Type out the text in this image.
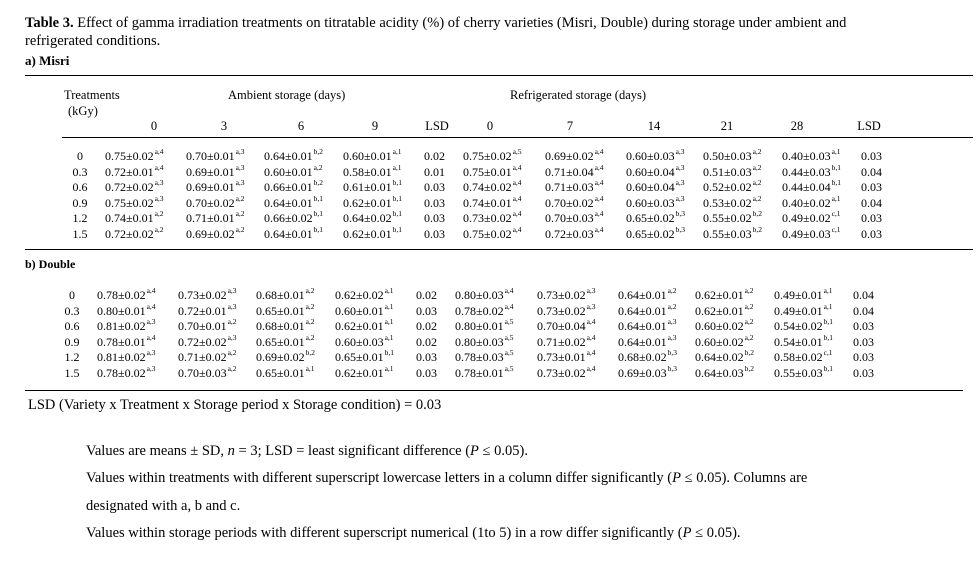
Table 3. Effect of gamma irradiation treatments on titratable acidity (%) of cherry varieties (Misri, Double) during storage under ambient and refrigerated conditions.
a) Misri
Treatments
(kGy)
Ambient storage (days)	Refrigerated storage (days)
0	3	6	9	LSD	0	7	14	21	28	LSD
0 $0.75\pm 0.02^{a,4}$ $0.70\pm 0.01^{a,3}$ $0.64\pm 0.01^{b,2}$ $0.60\pm 0.01^{a,1}$ 0.02 $0.75\pm 0.02^{a,5}$ $0.69\pm 0.02^{a,4}$ $0.60\pm 0.03^{a,3}$ $0.50\pm 0.03^{a,2}$ $0.40\pm 0.03^{a,1}$ 0.03
0.3 $0.72\pm 0.01^{a,4}$ $0.69\pm 0.01^{a,3}$ $0.60\pm 0.01^{a,2}$ $0.58\pm 0.01^{a,1}$ 0.01 $0.75\pm 0.01^{a,4}$ $0.71\pm 0.04^{a,4}$ $0.60\pm 0.04^{a,3}$ $0.51\pm 0.03^{a,2}$ $0.44\pm 0.03^{b,1}$ 0.04
0.6 $0.72\pm 0.02^{a,3}$ $0.69\pm 0.01^{a,3}$ $0.66\pm 0.01^{b,2}$ $0.61\pm 0.01^{b,1}$ 0.03 $0.74\pm 0.02^{a,4}$ $0.71\pm 0.03^{a,4}$ $0.60\pm 0.04^{a,3}$ $0.52\pm 0.02^{a,2}$ $0.44\pm 0.04^{b,1}$ 0.03
0.9 $0.75\pm 0.02^{a,3}$ $0.70\pm 0.02^{a,2}$ $0.64\pm 0.01^{b,1}$ $0.62\pm 0.01^{b,1}$ 0.03 $0.74\pm 0.01^{a,4}$ $0.70\pm 0.02^{a,4}$ $0.60\pm 0.03^{a,3}$ $0.53\pm 0.02^{a,2}$ $0.40\pm 0.02^{a,1}$ 0.04
1.2 $0.74\pm 0.01^{a,2}$ $0.71\pm 0.01^{a,2}$ $0.66\pm 0.02^{b,1}$ $0.64\pm 0.02^{b,1}$ 0.03 $0.73\pm 0.02^{a,4}$ $0.70\pm 0.03^{a,4}$ $0.65\pm 0.02^{b,3}$ $0.55\pm 0.02^{b,2}$ $0.49\pm 0.02^{c,1}$ 0.03
1.5 $0.72\pm 0.02^{a,2}$ $0.69\pm 0.02^{a,2}$ $0.64\pm 0.01^{b,1}$ $0.62\pm 0.01^{b,1}$ 0.03 $0.75\pm 0.02^{a,4}$ $0.72\pm 0.03^{a,4}$ $0.65\pm 0.02^{b,3}$ $0.55\pm 0.03^{b,2}$ $0.49\pm 0.03^{c,1}$ 0.03
b) Double
0 $0.78\pm 0.02^{a,4}$ $0.73\pm 0.02^{a,3}$ $0.68\pm 0.01^{a,2}$ $0.62\pm 0.02^{a,1}$ 0.02 $0.80\pm 0.03^{a,4}$ $0.73\pm 0.02^{a,3}$ $0.64\pm 0.01^{a,2}$ $0.62\pm 0.01^{a,2}$ $0.49\pm 0.01^{a,1}$ 0.04
0.3 $0.80\pm 0.01^{a,4}$ $0.72\pm 0.01^{a,3}$ $0.65\pm 0.01^{a,2}$ $0.60\pm 0.01^{a,1}$ 0.03 $0.78\pm 0.02^{a,4}$ $0.73\pm 0.02^{a,3}$ $0.64\pm 0.01^{a,2}$ $0.62\pm 0.01^{a,2}$ $0.49\pm 0.01^{a,1}$ 0.04
0.6 $0.81\pm 0.02^{a,3}$ $0.70\pm 0.01^{a,2}$ $0.68\pm 0.01^{a,2}$ $0.62\pm 0.01^{a,1}$ 0.02 $0.80\pm 0.01^{a,5}$ $0.70\pm 0.04^{a,4}$ $0.64\pm 0.01^{a,3}$ $0.60\pm 0.02^{a,2}$ $0.54\pm 0.02^{b,1}$ 0.03
0.9 $0.78\pm 0.01^{a,4}$ $0.72\pm 0.02^{a,3}$ $0.65\pm 0.01^{a,2}$ $0.60\pm 0.03^{a,1}$ 0.02 $0.80\pm 0.03^{a,5}$ $0.71\pm 0.02^{a,4}$ $0.64\pm 0.01^{a,3}$ $0.60\pm 0.02^{a,2}$ $0.54\pm 0.01^{b,1}$ 0.03
1.2 $0.81\pm 0.02^{a,3}$ $0.71\pm 0.02^{a,2}$ $0.69\pm 0.02^{b,2}$ $0.65\pm 0.01^{b,1}$ 0.03 $0.78\pm 0.03^{a,5}$ $0.73\pm 0.01^{a,4}$ $0.68\pm 0.02^{b,3}$ $0.64\pm 0.02^{b,2}$ $0.58\pm 0.02^{c,1}$ 0.03
1.5 $0.78\pm 0.02^{a,3}$ $0.70\pm 0.03^{a,2}$ $0.65\pm 0.01^{a,1}$ $0.62\pm 0.01^{a,1}$ 0.03 $0.78\pm 0.01^{a,5}$ $0.73\pm 0.02^{a,4}$ $0.69\pm 0.03^{b,3}$ $0.64\pm 0.03^{b,2}$ $0.55\pm 0.03^{b,1}$ 0.03
LSD (Variety x Treatment x Storage period x Storage condition) = 0.03
Values are means ± SD, n = 3; LSD = least significant difference (P ≤ 0.05).
Values within treatments with different superscript lowercase letters in a column differ significantly (P ≤ 0.05). Columns are
designated with a, b and c.
Values within storage periods with different superscript numerical (1to 5) in a row differ significantly (P ≤ 0.05).
